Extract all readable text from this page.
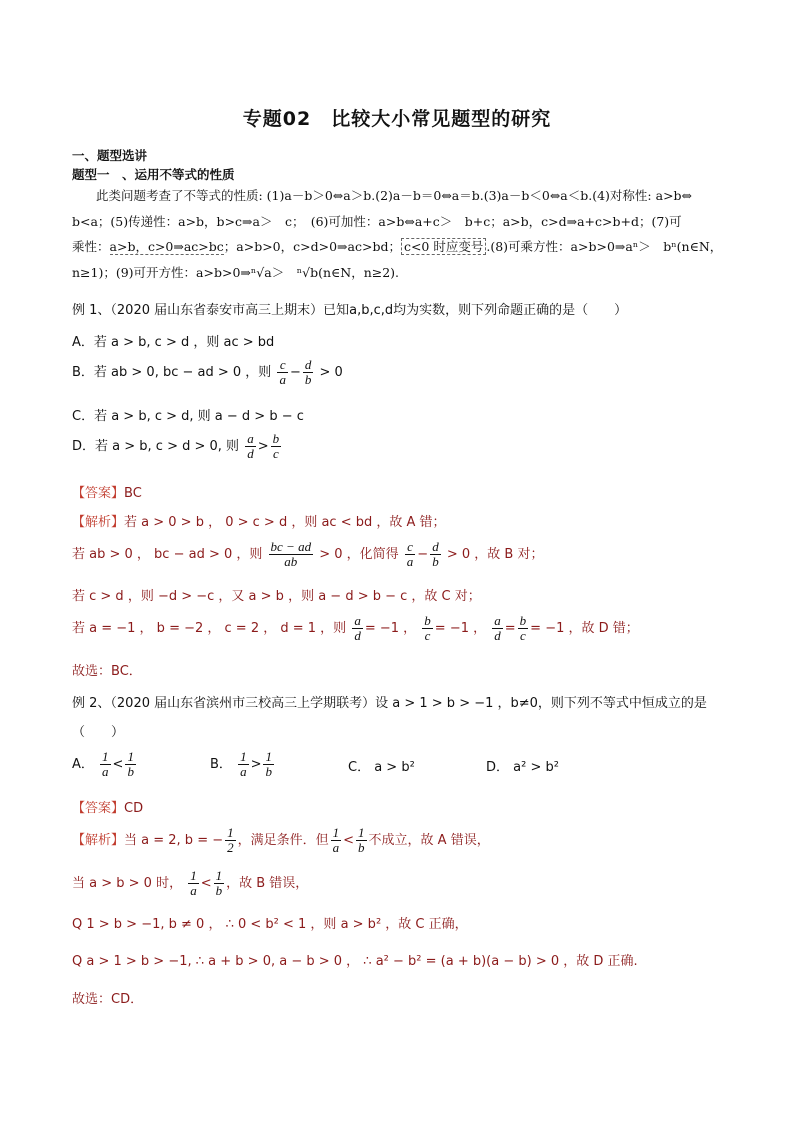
专题02　比较大小常见题型的研究
一、题型选讲
题型一　、运用不等式的性质
此类问题考查了不等式的性质: (1)a－b＞0⇔a＞b.(2)a－b＝0⇔a＝b.(3)a－b＜0⇔a＜b.(4)对称性: a>b⇔
b<a；(5)传递性：a>b，b>c⇒a＞　c；　(6)可加性：a>b⇔a+c＞　b+c；a>b，c>d⇒a+c>b+d；(7)可
乘性：a>b，c>0⇒ac>bc；a>b>0，c>d>0⇒ac>bd； c<0 时应变号 .(8)可乘方性：a>b>0⇒aⁿ＞　bⁿ(n∈N，
n≥1)；(9)可开方性：a>b>0⇒ⁿ√a＞　ⁿ√b(n∈N，n≥2).
例 1、（2020 届山东省泰安市高三上期末）已知a,b,c,d均为实数，则下列命题正确的是（　　）
A．若 a > b, c > d ，则 ac > bd
B．若 ab > 0, bc − ad > 0 ，则 $\frac{c}{a} - \frac{d}{b} > 0$
C．若 a > b, c > d, 则 a − d > b − c
D．若 a > b, c > d > 0, 则 $\frac{a}{d} > \frac{b}{c}$
【答案】BC
【解析】若 a > 0 > b ， 0 > c > d ，则 ac < bd ，故 A 错；
若 ab > 0 ， bc − ad > 0 ，则 $\frac{bc - ad}{ab} > 0$ ，化简得 $\frac{c}{a} - \frac{d}{b} > 0$ ，故 B 对；
若 c > d ，则 −d > −c ，又 a > b ，则 a − d > b − c ，故 C 对；
若 a = −1 ， b = −2 ， c = 2 ， d = 1 ，则 $\frac{a}{d} = -1$ ， $\frac{b}{c} = -1$ ， $\frac{a}{d} = \frac{b}{c} = -1$ ，故 D 错；
故选：BC．
例 2、（2020 届山东省滨州市三校高三上学期联考）设 a > 1 > b > −1 ，b≠0，则下列不等式中恒成立的是
（　　）
A． $\frac{1}{a} < \frac{1}{b}$	B． $\frac{1}{a} > \frac{1}{b}$	C． a > b²	D． a² > b²
【答案】CD
【解析】当 a = 2, b = − $\frac{1}{2}$ ，满足条件．但 $\frac{1}{a} < \frac{1}{b}$ 不成立，故 A 错误，
当 a > b > 0 时， $\frac{1}{a} < \frac{1}{b}$ ，故 B 错误，
Q 1 > b > −1, b ≠ 0 ， ∴ 0 < b² < 1 ，则 a > b² ，故 C 正确，
Q a > 1 > b > −1, ∴ a + b > 0, a − b > 0 ， ∴ a² − b² = (a + b)(a − b) > 0 ，故 D 正确.
故选：CD．
